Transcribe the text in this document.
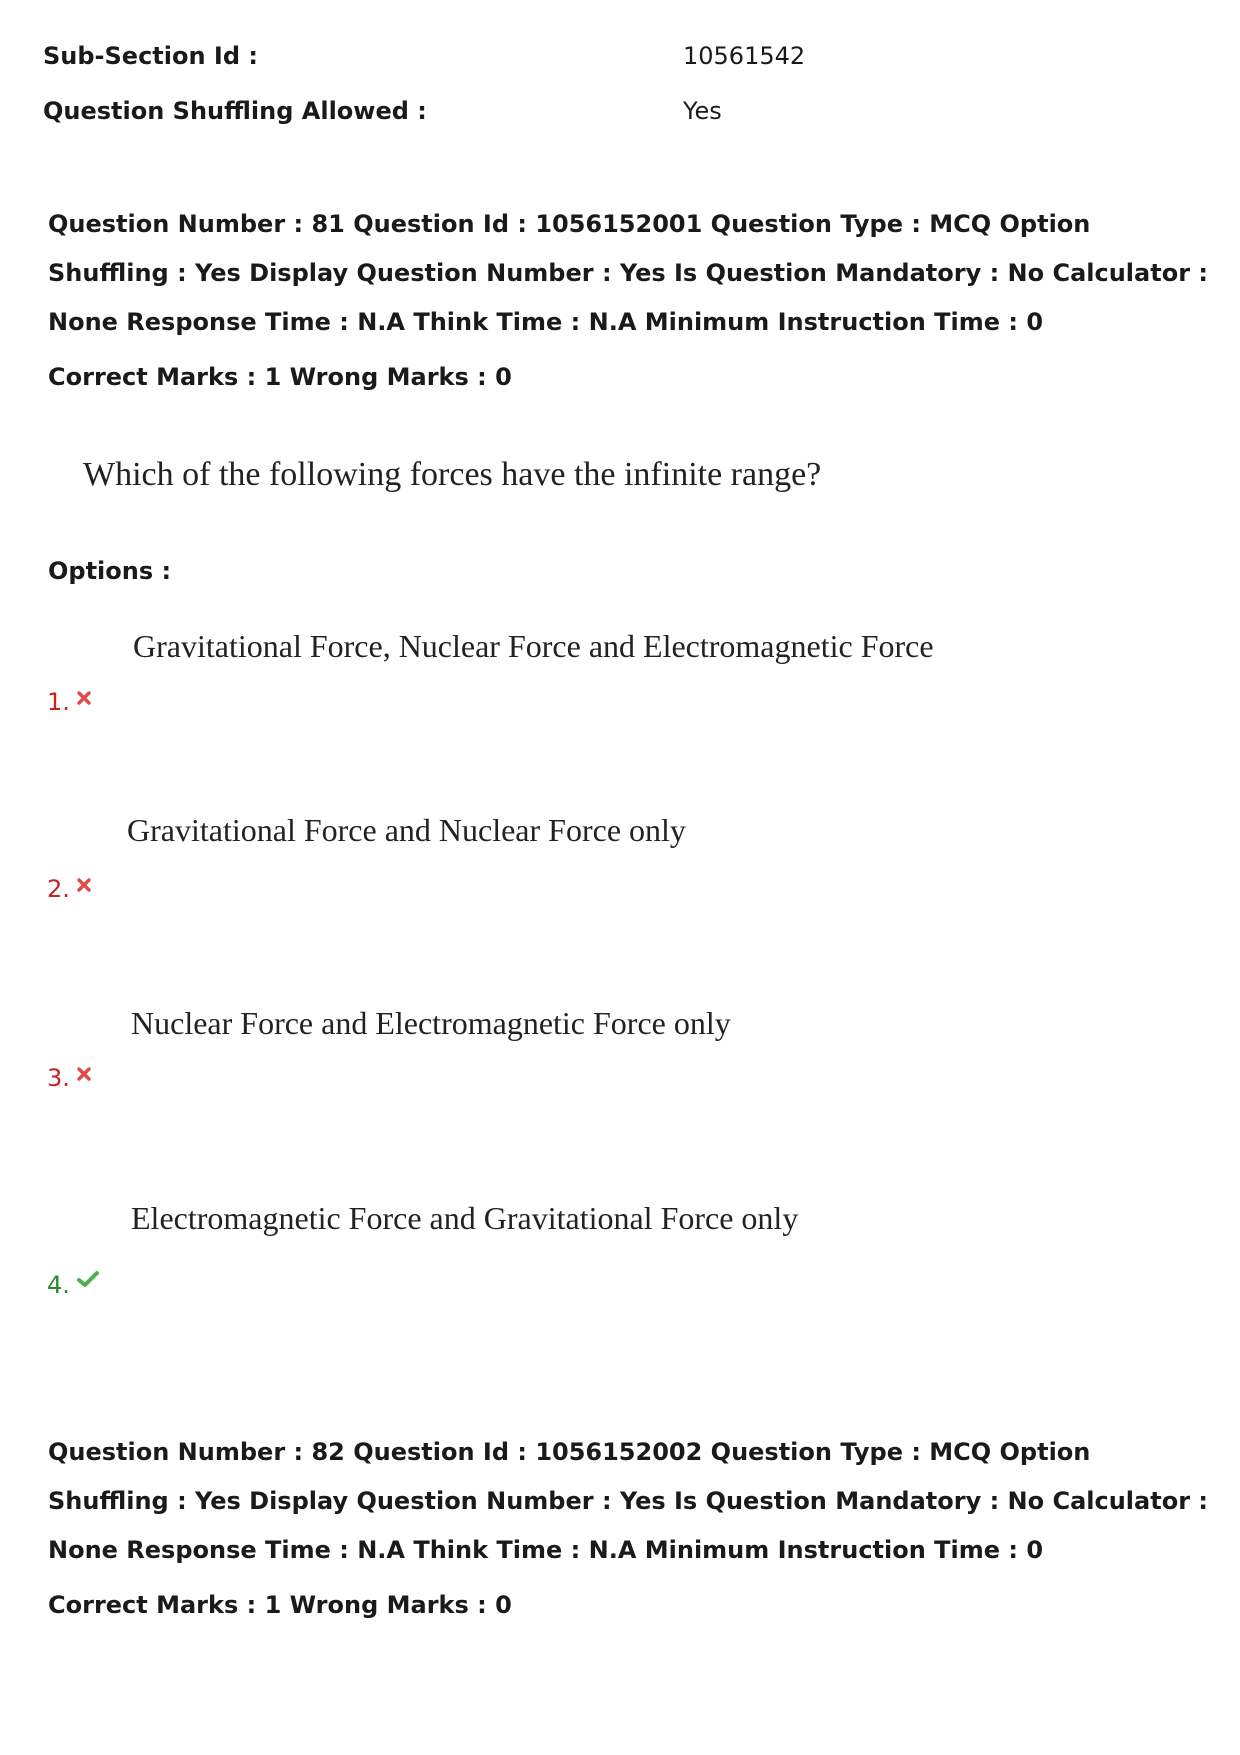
Sub-Section Id :	10561542
Question Shuffling Allowed :	Yes

Question Number : 81 Question Id : 1056152001 Question Type : MCQ Option Shuffling : Yes Display Question Number : Yes Is Question Mandatory : No Calculator : None Response Time : N.A Think Time : N.A Minimum Instruction Time : 0

Correct Marks : 1 Wrong Marks : 0
Which of the following forces have the infinite range?
Options :
Gravitational Force, Nuclear Force and Electromagnetic Force
1.
Gravitational Force and Nuclear Force only
2.
Nuclear Force and Electromagnetic Force only
3.
Electromagnetic Force and Gravitational Force only
4.

Question Number : 82 Question Id : 1056152002 Question Type : MCQ Option Shuffling : Yes Display Question Number : Yes Is Question Mandatory : No Calculator : None Response Time : N.A Think Time : N.A Minimum Instruction Time : 0

Correct Marks : 1 Wrong Marks : 0
